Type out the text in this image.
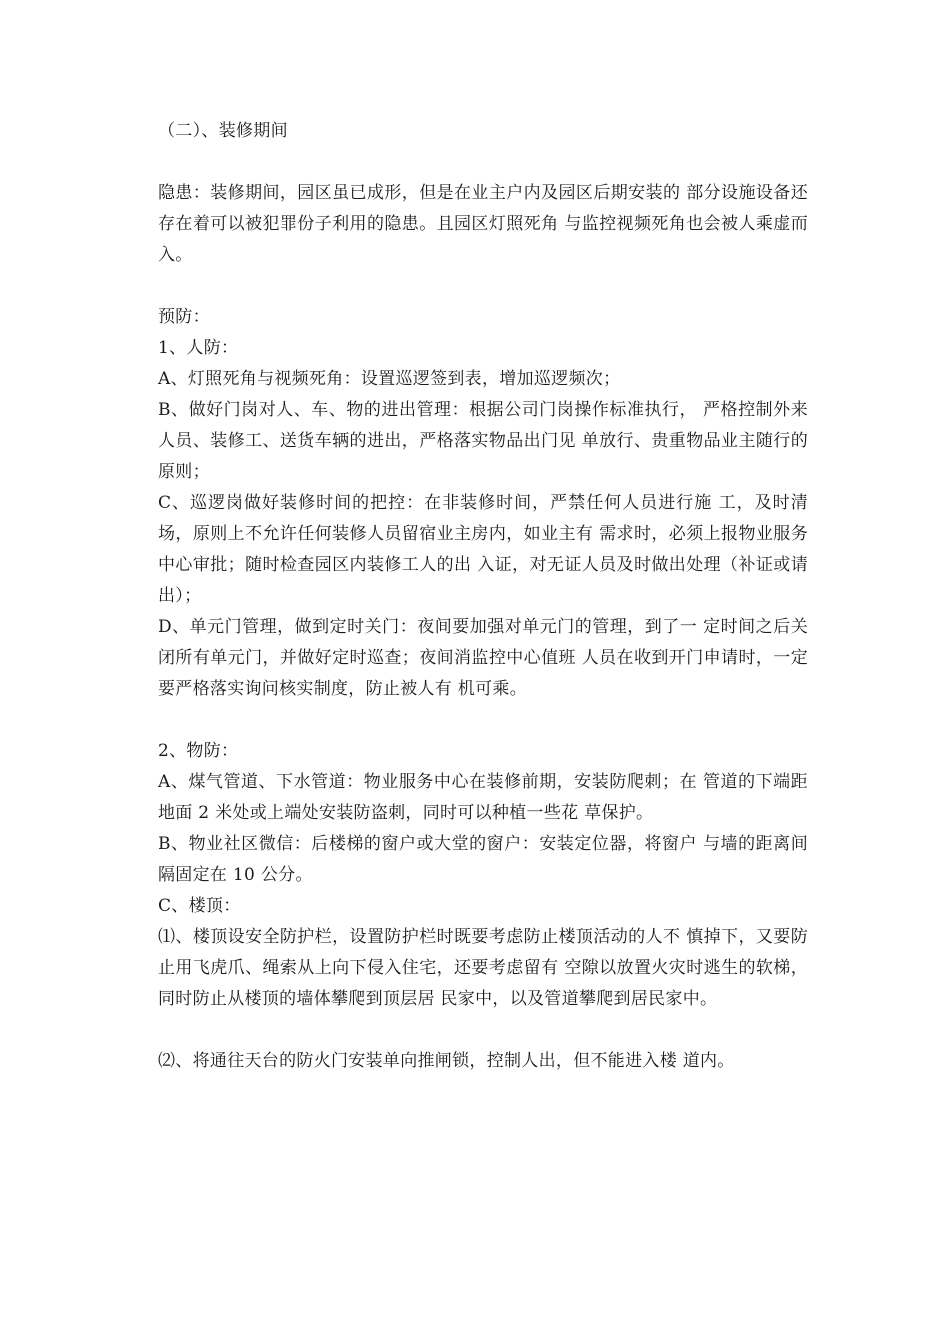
（二）、装修期间

隐患：装修期间，园区虽已成形，但是在业主户内及园区后期安装的 部分设施设备还存在着可以被犯罪份子利用的隐患。且园区灯照死角 与监控视频死角也会被人乘虚而入。

预防：

1、人防：

A、灯照死角与视频死角：设置巡逻签到表，增加巡逻频次；

B、做好门岗对人、车、物的进出管理：根据公司门岗操作标准执行， 严格控制外来人员、装修工、送货车辆的进出，严格落实物品出门见 单放行、贵重物品业主随行的原则；

C、巡逻岗做好装修时间的把控：在非装修时间，严禁任何人员进行施 工，及时清场，原则上不允许任何装修人员留宿业主房内，如业主有 需求时，必须上报物业服务中心审批；随时检查园区内装修工人的出 入证，对无证人员及时做出处理（补证或请出）；

D、单元门管理，做到定时关门：夜间要加强对单元门的管理，到了一 定时间之后关闭所有单元门，并做好定时巡查；夜间消监控中心值班 人员在收到开门申请时，一定要严格落实询问核实制度，防止被人有 机可乘。

2、物防：

A、煤气管道、下水管道：物业服务中心在装修前期，安装防爬刺；在 管道的下端距地面 2 米处或上端处安装防盗刺，同时可以种植一些花 草保护。

B、物业社区微信：后楼梯的窗户或大堂的窗户：安装定位器，将窗户 与墙的距离间隔固定在 10 公分。

C、楼顶：

⑴、楼顶设安全防护栏，设置防护栏时既要考虑防止楼顶活动的人不 慎掉下，又要防止用飞虎爪、绳索从上向下侵入住宅，还要考虑留有 空隙以放置火灾时逃生的软梯，同时防止从楼顶的墙体攀爬到顶层居 民家中，以及管道攀爬到居民家中。

⑵、将通往天台的防火门安装单向推闸锁，控制人出，但不能进入楼 道内。
